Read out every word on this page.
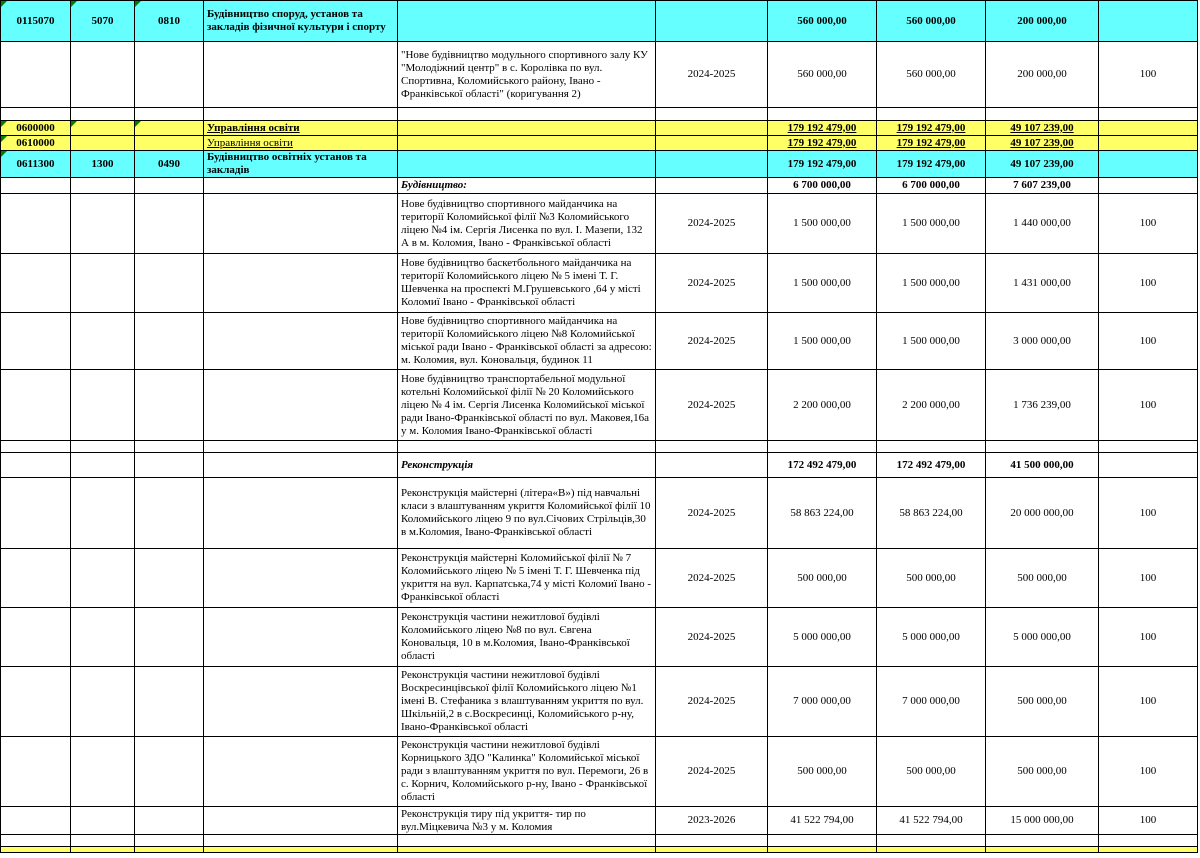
0115070	5070	0810	Будівництво споруд, установ та закладів фізичної культури і спорту			560 000,00	560 000,00	200 000,00	
				"Нове будівництво модульного спортивного залу КУ "Молодіжний центр" в с. Королівка по вул. Спортивна, Коломийського району, Івано - Франківської області" (коригування 2)	2024-2025	560 000,00	560 000,00	200 000,00	100

0600000			Управління освіти			179 192 479,00	179 192 479,00	49 107 239,00	
0610000			Управління освіти			179 192 479,00	179 192 479,00	49 107 239,00	
0611300	1300	0490	Будівництво освітніх установ та закладів			179 192 479,00	179 192 479,00	49 107 239,00	
				Будівництво:		6 700 000,00	6 700 000,00	7 607 239,00	
				Нове будівництво спортивного майданчика на території Коломийської філії №3 Коломийського ліцею №4 ім. Сергія Лисенка по вул. І. Мазепи, 132 А в м. Коломия, Івано - Франківської області	2024-2025	1 500 000,00	1 500 000,00	1 440 000,00	100
				Нове будівництво баскетбольного майданчика на території Коломийського ліцею № 5 імені Т. Г. Шевченка на проспекті М.Грушевського ,64 у місті Коломиї Івано - Франківської області	2024-2025	1 500 000,00	1 500 000,00	1 431 000,00	100
				Нове будівництво спортивного майданчика на території Коломийського ліцею №8 Коломийської міської ради Івано - Франківської області за адресою: м. Коломия, вул. Коновальця, будинок 11	2024-2025	1 500 000,00	1 500 000,00	3 000 000,00	100
				Нове будівництво транспортабельної модульної котельні Коломийської філії № 20 Коломийського ліцею № 4 ім. Сергія Лисенка Коломийської міської ради Івано-Франківської області по вул. Маковея,16а у м. Коломия Івано-Франківської області	2024-2025	2 200 000,00	2 200 000,00	1 736 239,00	100

				Реконструкція		172 492 479,00	172 492 479,00	41 500 000,00	
				Реконструкція майстерні (літера«В») під навчальні класи з влаштуванням укриття Коломийської філії 10 Коломийського ліцею 9 по вул.Січових Стрільців,30 в м.Коломия, Івано-Франківської області	2024-2025	58 863 224,00	58 863 224,00	20 000 000,00	100
				Реконструкція майстерні Коломийської філії № 7 Коломийського ліцею № 5 імені Т. Г. Шевченка під укриття на вул. Карпатська,74 у місті Коломиї Івано - Франківської області	2024-2025	500 000,00	500 000,00	500 000,00	100
				Реконструкція частини нежитлової будівлі Коломийського ліцею №8 по вул. Євгена Коновальця, 10 в м.Коломия, Івано-Франківської області	2024-2025	5 000 000,00	5 000 000,00	5 000 000,00	100
				Реконструкція частини нежитлової будівлі Воскресинцівської філії Коломийського ліцею №1 імені В. Стефаника з влаштуванням укриття по вул. Шкільній,2 в с.Воскресинці, Коломийського р-ну, Івано-Франківської області	2024-2025	7 000 000,00	7 000 000,00	500 000,00	100
				Реконструкція частини нежитлової будівлі Корницького ЗДО "Калинка" Коломийської міської ради з влаштуванням укриття по вул. Перемоги, 26 в с. Корнич, Коломийського р-ну, Івано - Франківської області	2024-2025	500 000,00	500 000,00	500 000,00	100
				Реконструкція тиру під укриття- тир по вул.Міцкевича №3 у м. Коломия	2023-2026	41 522 794,00	41 522 794,00	15 000 000,00	100
